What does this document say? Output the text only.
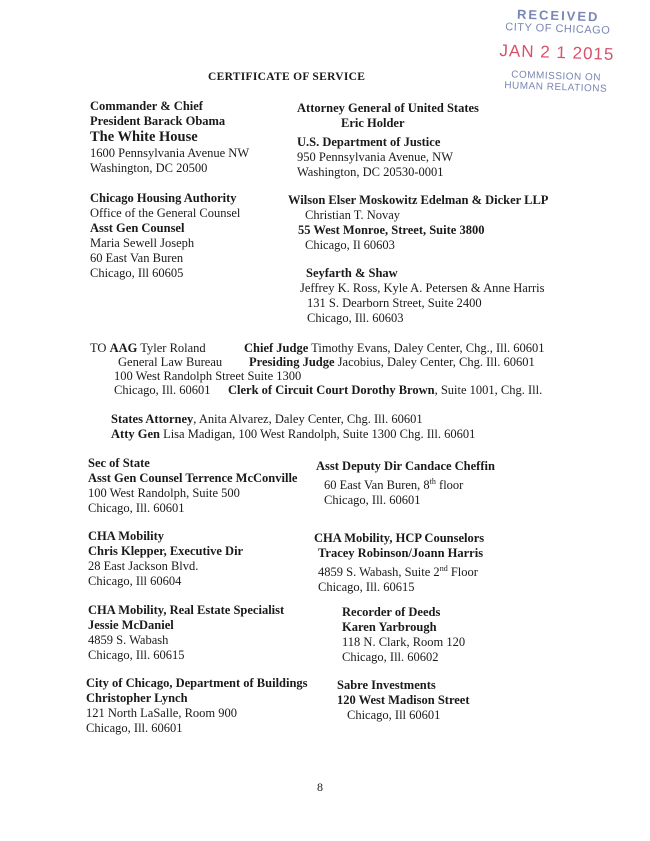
RECEIVED
CITY OF CHICAGO
JAN 2 1 2015
COMMISSION ON
HUMAN RELATIONS
CERTIFICATE OF SERVICE
Commander & Chief
President Barack Obama
The White House
1600 Pennsylvania Avenue NW
Washington, DC 20500
Chicago Housing Authority
Office of the General Counsel
Asst Gen Counsel
Maria Sewell Joseph
60 East Van Buren
Chicago, Ill 60605
Attorney General of United States
Eric Holder
U.S. Department of Justice
950 Pennsylvania Avenue, NW
Washington, DC 20530-0001
Wilson Elser Moskowitz Edelman & Dicker LLP
Christian T. Novay
55 West Monroe, Street, Suite 3800
Chicago, Il 60603
Seyfarth & Shaw
Jeffrey K. Ross, Kyle A. Petersen & Anne Harris
131 S. Dearborn Street, Suite 2400
Chicago, Ill. 60603
TO AAG Tyler Roland	Chief Judge Timothy Evans, Daley Center, Chg., Ill. 60601
General Law Bureau Presiding Judge Jacobius, Daley Center, Chg. Ill. 60601
100 West Randolph Street Suite 1300
Chicago, Ill. 60601 Clerk of Circuit Court Dorothy Brown, Suite 1001, Chg. Ill.
States Attorney, Anita Alvarez, Daley Center, Chg. Ill. 60601
Atty Gen Lisa Madigan, 100 West Randolph, Suite 1300 Chg. Ill. 60601
Sec of State
Asst Gen Counsel Terrence McConville
100 West Randolph, Suite 500
Chicago, Ill. 60601
CHA Mobility
Chris Klepper, Executive Dir
28 East Jackson Blvd.
Chicago, Ill 60604
CHA Mobility, Real Estate Specialist
Jessie McDaniel
4859 S. Wabash
Chicago, Ill. 60615
City of Chicago, Department of Buildings
Christopher Lynch
121 North LaSalle, Room 900
Chicago, Ill. 60601
Asst Deputy Dir Candace Cheffin
60 East Van Buren, 8th floor
Chicago, Ill. 60601
CHA Mobility, HCP Counselors
Tracey Robinson/Joann Harris
4859 S. Wabash, Suite 2nd Floor
Chicago, Ill. 60615
Recorder of Deeds
Karen Yarbrough
118 N. Clark, Room 120
Chicago, Ill. 60602
Sabre Investments
120 West Madison Street
Chicago, Ill 60601
8
